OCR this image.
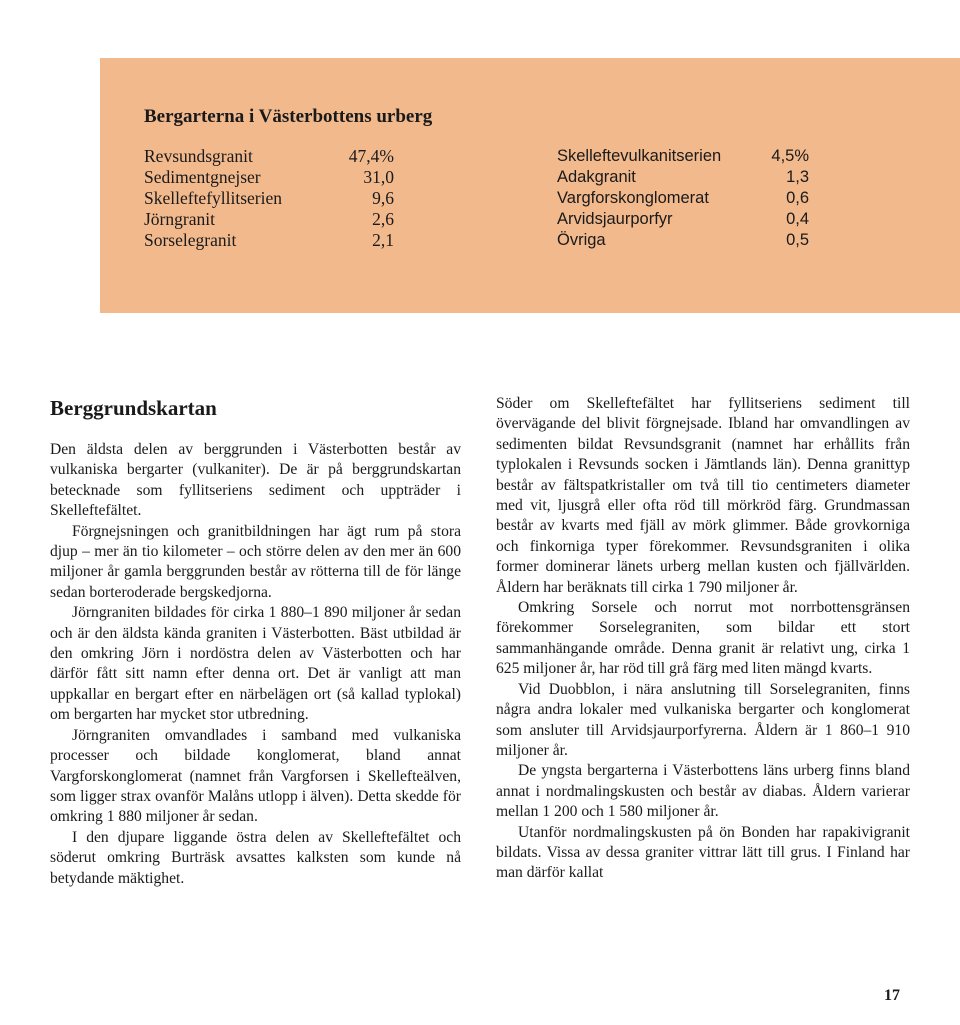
Bergarterna i Västerbottens urberg
Revsundsgranit	47,4%
Sedimentgnejser	31,0
Skelleftefyllitserien	9,6
Jörngranit	2,6
Sorselegranit	2,1
Skelleftevulkanitserien	4,5%
Adakgranit	1,3
Vargforskonglomerat	0,6
Arvidsjaurporfyr	0,4
Övriga	0,5
Berggrundskartan

Den äldsta delen av berggrunden i Västerbotten består av vulkaniska bergarter (vulkaniter). De är på berggrundskartan betecknade som fyllitseriens sediment och uppträder i Skelleftefältet.

Förgnejsningen och granitbildningen har ägt rum på stora djup – mer än tio kilometer – och större delen av den mer än 600 miljoner år gamla berggrunden består av rötterna till de för länge sedan borteroderade bergskedjorna.

Jörngraniten bildades för cirka 1 880–1 890 miljoner år sedan och är den äldsta kända graniten i Västerbotten. Bäst utbildad är den omkring Jörn i nordöstra delen av Västerbotten och har därför fått sitt namn efter denna ort. Det är vanligt att man uppkallar en bergart efter en närbelägen ort (så kallad typlokal) om bergarten har mycket stor utbredning.

Jörngraniten omvandlades i samband med vulkaniska processer och bildade konglomerat, bland annat Vargforskonglomerat (namnet från Vargforsen i Skellefteälven, som ligger strax ovanför Malåns utlopp i älven). Detta skedde för omkring 1 880 miljoner år sedan.

I den djupare liggande östra delen av Skelleftefältet och söderut omkring Burträsk avsattes kalksten som kunde nå betydande mäktighet.

Söder om Skelleftefältet har fyllitseriens sediment till övervägande del blivit förgnejsade. Ibland har omvandlingen av sedimenten bildat Revsundsgranit (namnet har erhållits från typlokalen i Revsunds socken i Jämtlands län). Denna granittyp består av fältspatkristaller om två till tio centimeters diameter med vit, ljusgrå eller ofta röd till mörkröd färg. Grundmassan består av kvarts med fjäll av mörk glimmer. Både grovkorniga och finkorniga typer förekommer. Revsundsgraniten i olika former dominerar länets urberg mellan kusten och fjällvärlden. Åldern har beräknats till cirka 1 790 miljoner år.

Omkring Sorsele och norrut mot norrbottensgränsen förekommer Sorselegraniten, som bildar ett stort sammanhängande område. Denna granit är relativt ung, cirka 1 625 miljoner år, har röd till grå färg med liten mängd kvarts.

Vid Duobblon, i nära anslutning till Sorselegraniten, finns några andra lokaler med vulkaniska bergarter och konglomerat som ansluter till Arvidsjaurporfyrerna. Åldern är 1 860–1 910 miljoner år.

De yngsta bergarterna i Västerbottens läns urberg finns bland annat i nordmalingskusten och består av diabas. Åldern varierar mellan 1 200 och 1 580 miljoner år.

Utanför nordmalingskusten på ön Bonden har rapakivigranit bildats. Vissa av dessa graniter vittrar lätt till grus. I Finland har man därför kallat

17
